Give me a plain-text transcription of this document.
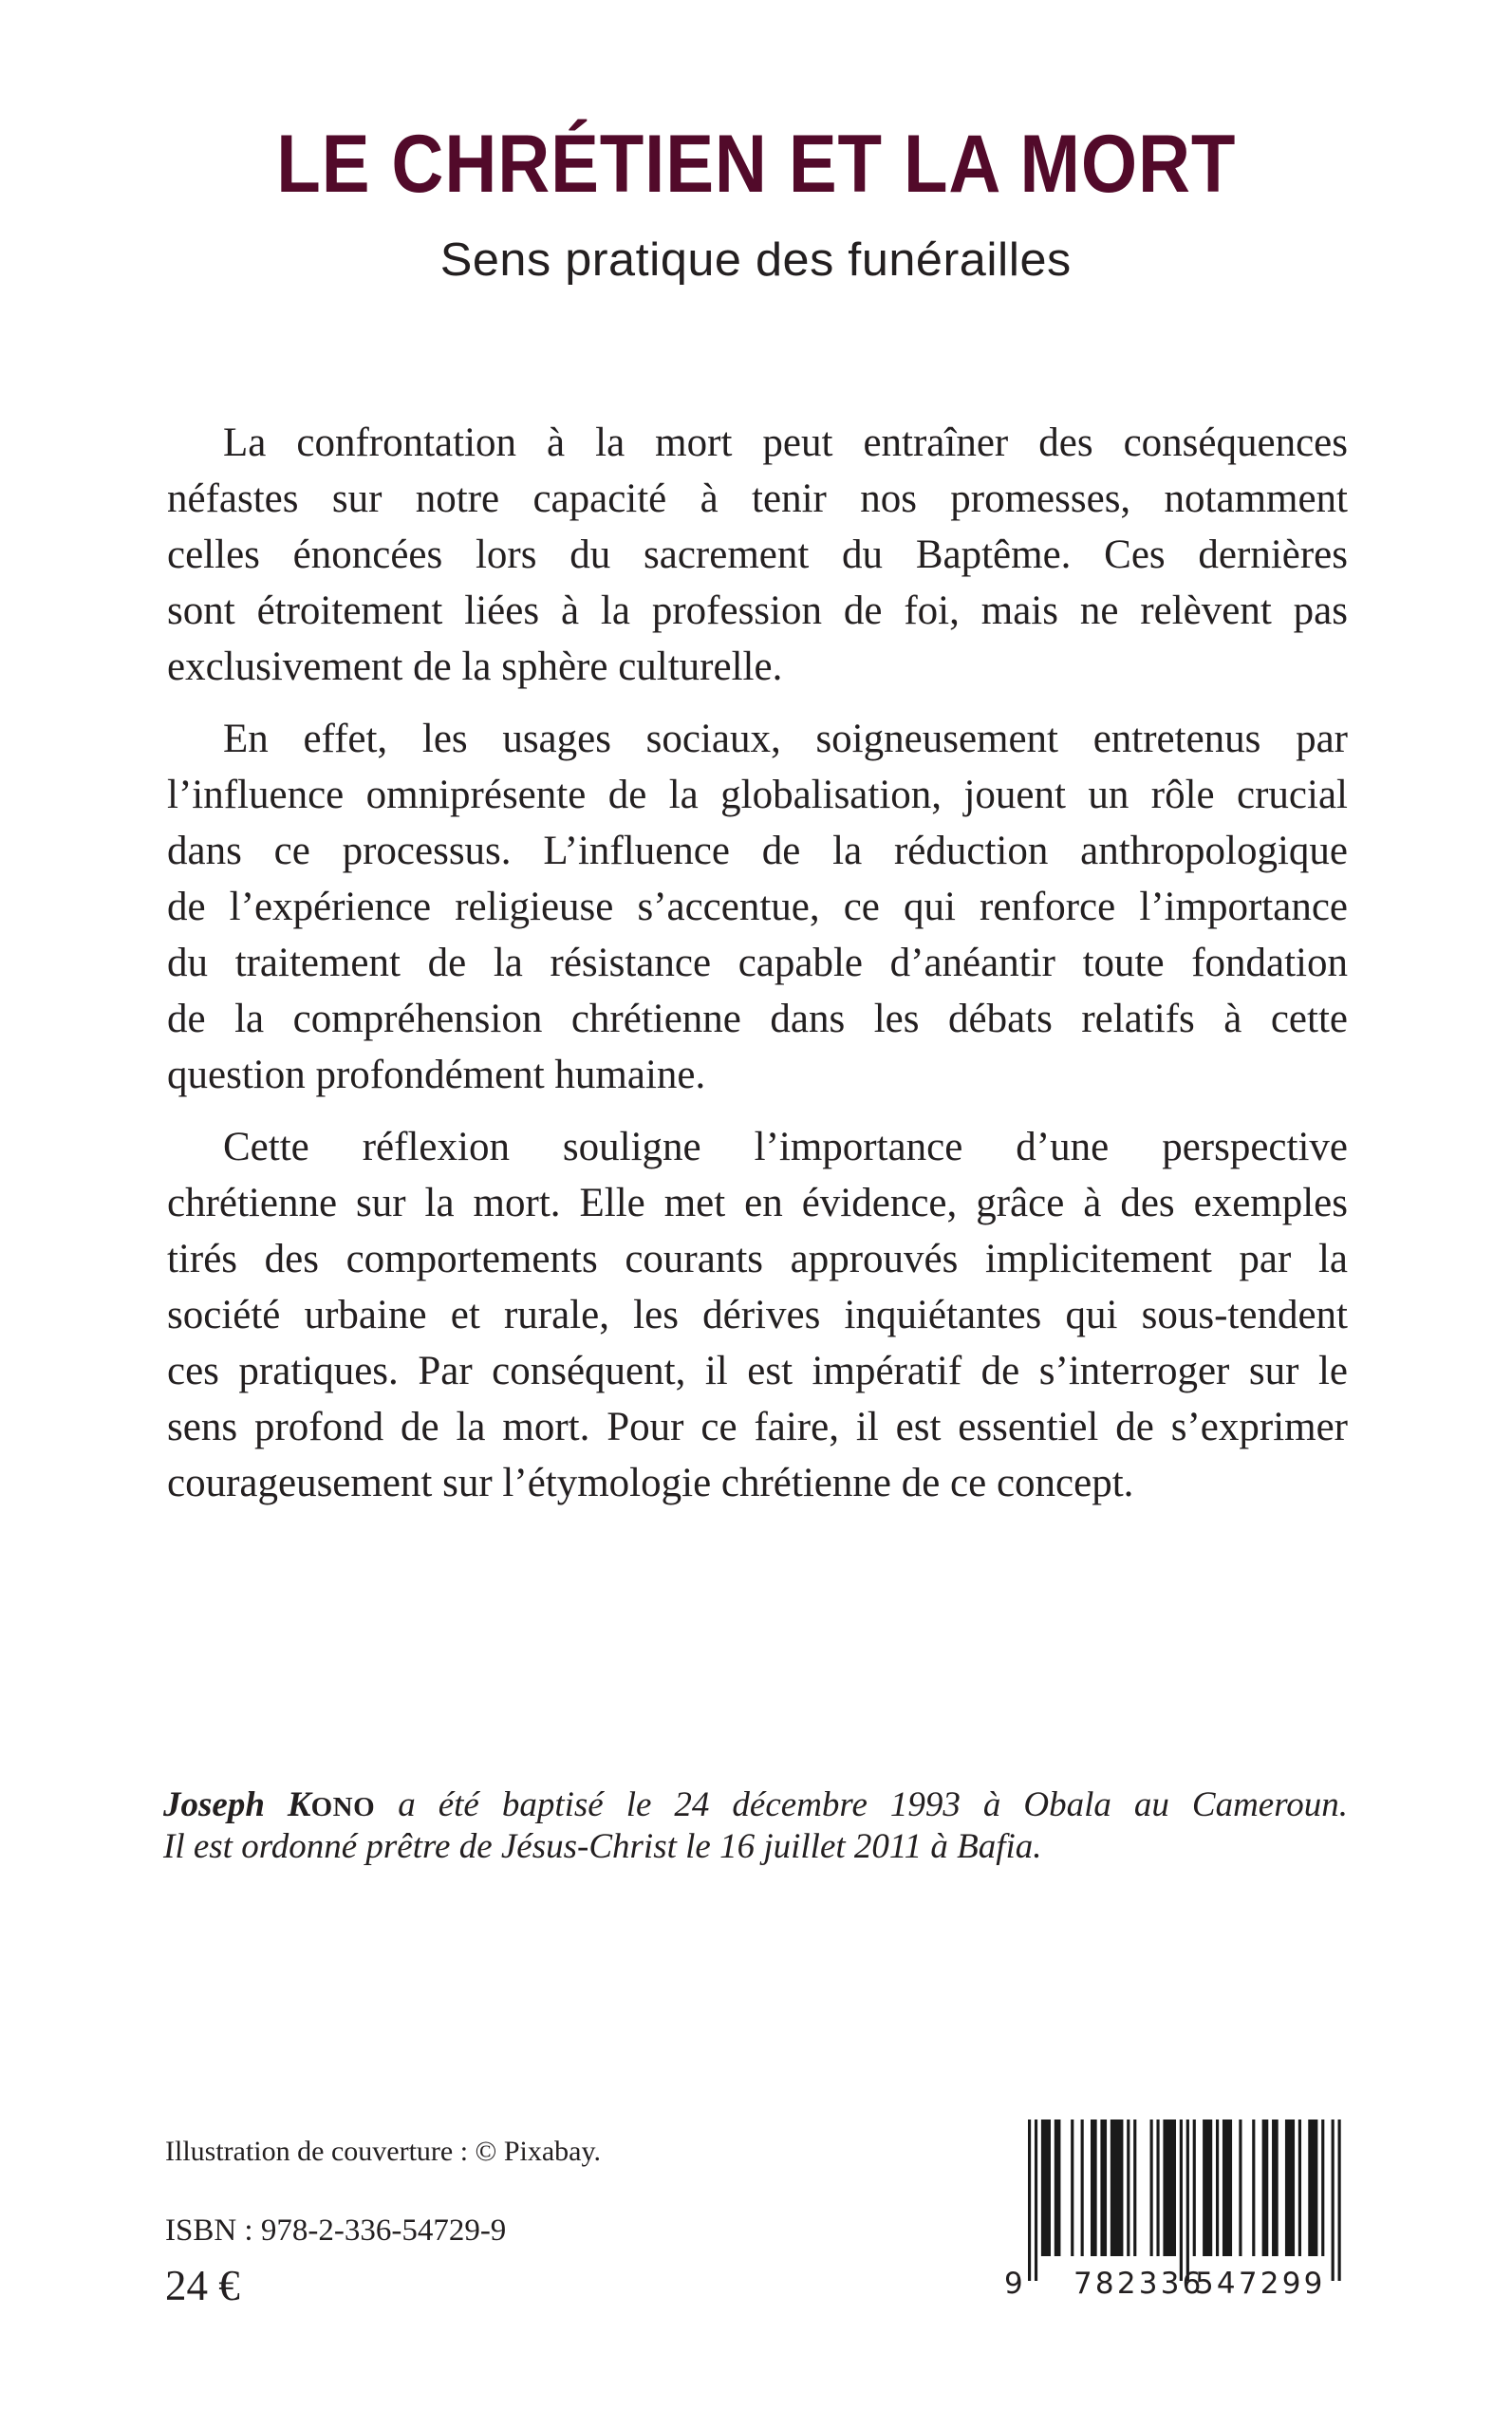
LE CHRÉTIEN ET LA MORT
Sens pratique des funérailles
La confrontation à la mort peut entraîner des conséquences
néfastes sur notre capacité à tenir nos promesses, notamment
celles énoncées lors du sacrement du Baptême. Ces dernières
sont étroitement liées à la profession de foi, mais ne relèvent pas
exclusivement de la sphère culturelle.
En effet, les usages sociaux, soigneusement entretenus par
l’influence omniprésente de la globalisation, jouent un rôle crucial
dans ce processus. L’influence de la réduction anthropologique
de l’expérience religieuse s’accentue, ce qui renforce l’importance
du traitement de la résistance capable d’anéantir toute fondation
de la compréhension chrétienne dans les débats relatifs à cette
question profondément humaine.
Cette réflexion souligne l’importance d’une perspective
chrétienne sur la mort. Elle met en évidence, grâce à des exemples
tirés des comportements courants approuvés implicitement par la
société urbaine et rurale, les dérives inquiétantes qui sous-tendent
ces pratiques. Par conséquent, il est impératif de s’interroger sur le
sens profond de la mort. Pour ce faire, il est essentiel de s’exprimer
courageusement sur l’étymologie chrétienne de ce concept.
Joseph KONO a été baptisé le 24 décembre 1993 à Obala au Cameroun.
Il est ordonné prêtre de Jésus-Christ le 16 juillet 2011 à Bafia.
Illustration de couverture : © Pixabay.
ISBN : 978-2-336-54729-9
24 €	9 782336
547299
